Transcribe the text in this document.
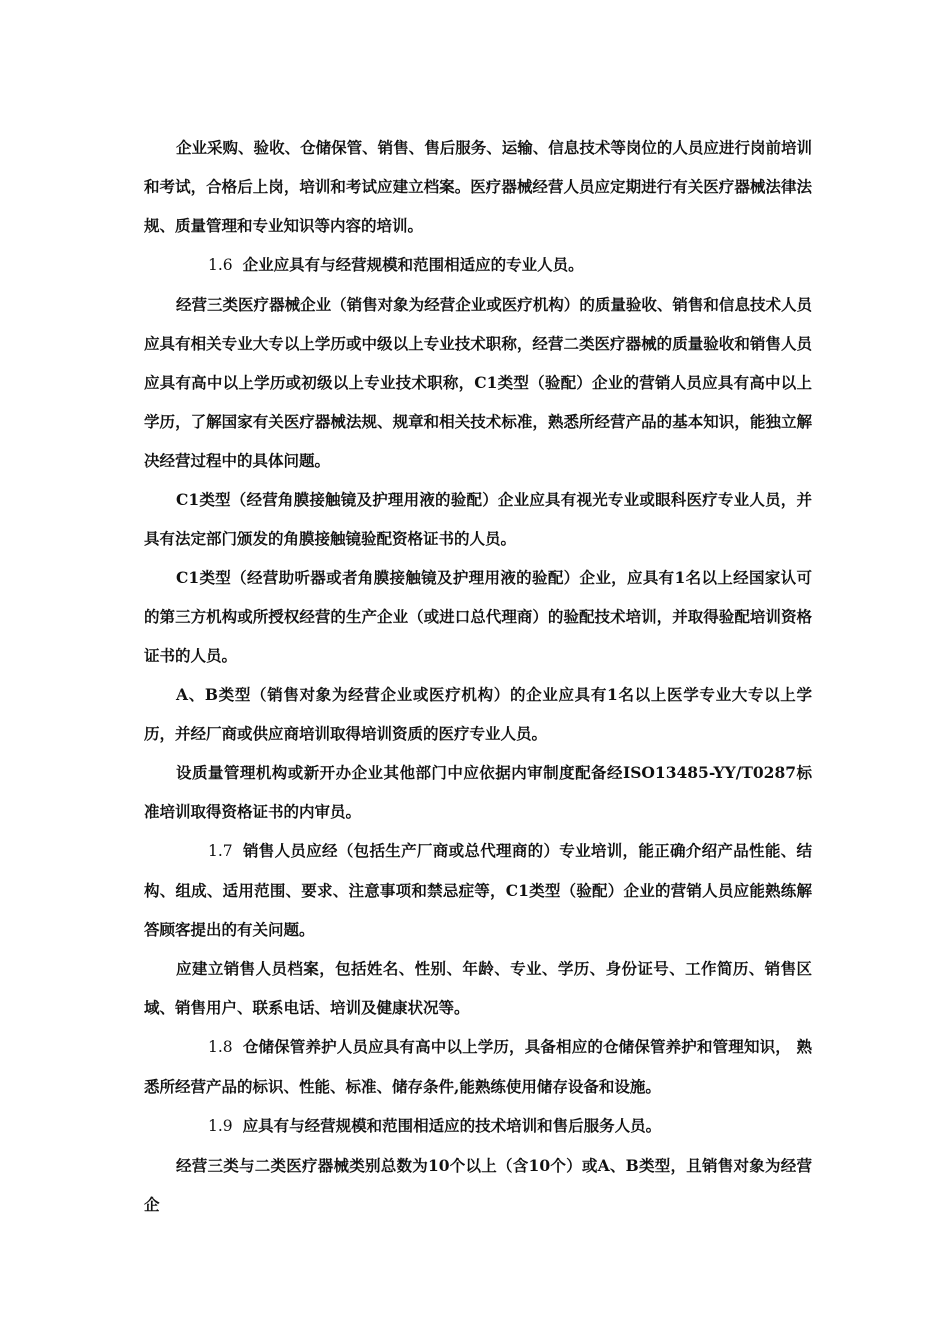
企业采购、验收、仓储保管、销售、售后服务、运输、信息技术等岗位的人员应进行岗前培训和考试，合格后上岗，培训和考试应建立档案。医疗器械经营人员应定期进行有关医疗器械法律法规、质量管理和专业知识等内容的培训。

1.6 企业应具有与经营规模和范围相适应的专业人员。

经营三类医疗器械企业（销售对象为经营企业或医疗机构）的质量验收、销售和信息技术人员应具有相关专业大专以上学历或中级以上专业技术职称，经营二类医疗器械的质量验收和销售人员应具有高中以上学历或初级以上专业技术职称，C1类型（验配）企业的营销人员应具有高中以上学历，了解国家有关医疗器械法规、规章和相关技术标准，熟悉所经营产品的基本知识，能独立解决经营过程中的具体问题。

C1类型（经营角膜接触镜及护理用液的验配）企业应具有视光专业或眼科医疗专业人员，并具有法定部门颁发的角膜接触镜验配资格证书的人员。

C1类型（经营助听器或者角膜接触镜及护理用液的验配）企业，应具有1名以上经国家认可的第三方机构或所授权经营的生产企业（或进口总代理商）的验配技术培训，并取得验配培训资格证书的人员。

A、B类型（销售对象为经营企业或医疗机构）的企业应具有1名以上医学专业大专以上学历，并经厂商或供应商培训取得培训资质的医疗专业人员。

设质量管理机构或新开办企业其他部门中应依据内审制度配备经ISO13485-YY/T0287标准培训取得资格证书的内审员。

1.7 销售人员应经（包括生产厂商或总代理商的）专业培训，能正确介绍产品性能、结构、组成、适用范围、要求、注意事项和禁忌症等，C1类型（验配）企业的营销人员应能熟练解答顾客提出的有关问题。

应建立销售人员档案，包括姓名、性别、年龄、专业、学历、身份证号、工作简历、销售区域、销售用户、联系电话、培训及健康状况等。

1.8 仓储保管养护人员应具有高中以上学历，具备相应的仓储保管养护和管理知识， 熟悉所经营产品的标识、性能、标准、储存条件,能熟练使用储存设备和设施。

1.9 应具有与经营规模和范围相适应的技术培训和售后服务人员。

经营三类与二类医疗器械类别总数为10个以上（含10个）或A、B类型，且销售对象为经营企
